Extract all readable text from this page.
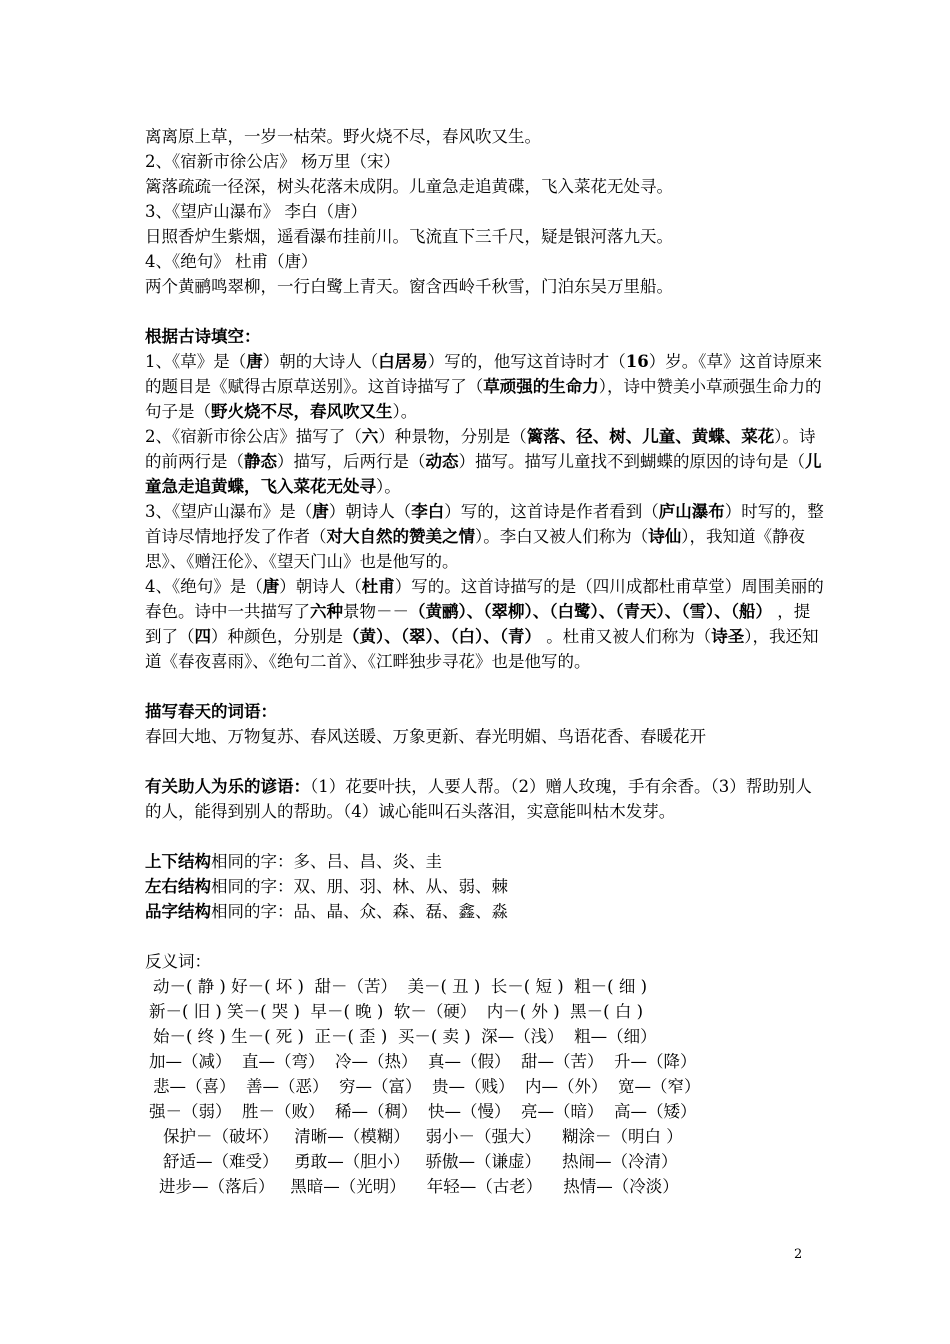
离离原上草，一岁一枯荣。野火烧不尽，春风吹又生。
2、《宿新市徐公店》 杨万里（宋）
篱落疏疏一径深，树头花落未成阴。儿童急走追黄碟，飞入菜花无处寻。
3、《望庐山瀑布》 李白（唐）
日照香炉生紫烟，遥看瀑布挂前川。飞流直下三千尺，疑是银河落九天。
4、《绝句》 杜甫（唐）
两个黄鹂鸣翠柳，一行白鹭上青天。窗含西岭千秋雪，门泊东吴万里船。
根据古诗填空：
1、《草》是（唐）朝的大诗人（白居易）写的，他写这首诗时才（16）岁。《草》这首诗原来的题目是《赋得古原草送别》。这首诗描写了（草顽强的生命力），诗中赞美小草顽强生命力的句子是（野火烧不尽，春风吹又生）。
2、《宿新市徐公店》描写了（六）种景物，分别是（篱落、径、树、儿童、黄蝶、菜花）。诗的前两行是（静态）描写，后两行是（动态）描写。描写儿童找不到蝴蝶的原因的诗句是（儿童急走追黄蝶，飞入菜花无处寻）。
3、《望庐山瀑布》是（唐）朝诗人（李白）写的，这首诗是作者看到（庐山瀑布）时写的，整首诗尽情地抒发了作者（对大自然的赞美之情）。李白又被人们称为（诗仙），我知道《静夜思》、《赠汪伦》、《望天门山》也是他写的。
4、《绝句》是（唐）朝诗人（杜甫）写的。这首诗描写的是（四川成都杜甫草堂）周围美丽的春色。诗中一共描写了六种景物－－（黄鹂）、（翠柳）、（白鹭）、（青天）、（雪）、（船） ，提到了（四）种颜色，分别是（黄）、（翠）、（白）、（青） 。杜甫又被人们称为（诗圣），我还知道《春夜喜雨》、《绝句二首》、《江畔独步寻花》也是他写的。
描写春天的词语：
春回大地、万物复苏、春风送暖、万象更新、春光明媚、鸟语花香、春暖花开
有关助人为乐的谚语：（1）花要叶扶，人要人帮。（2）赠人玫瑰，手有余香。（3）帮助别人的人，能得到别人的帮助。（4）诚心能叫石头落泪，实意能叫枯木发芽。
上下结构相同的字：多、吕、昌、炎、圭
左右结构相同的字：双、朋、羽、林、从、弱、棘
品字结构相同的字：品、晶、众、森、磊、鑫、淼
反义词：
动－( 静 ) 好－( 坏 )  甜－（苦）  美－( 丑 )  长－( 短 )  粗－( 细 )
新－( 旧 ) 笑－( 哭 )  早－( 晚 )  软－（硬）  内－( 外 )  黑－( 白 )
始－( 终 ) 生－( 死 )  正－( 歪 )  买－( 卖 )  深—（浅）  粗—（细）
加—（减）  直—（弯）  冷—（热）  真—（假）  甜—（苦）  升—（降）
悲—（喜）  善—（恶）  穷—（富）  贵—（贱）  内—（外）  宽—（窄）
强－（弱）  胜－（败）  稀—（稠）  快—（慢）  亮—（暗）  高—（矮）
保护－（破坏）   清晰—（模糊）   弱小－（强大）    糊涂－（明白 ）
舒适—（难受）   勇敢—（胆小）   骄傲—（谦虚）    热闹—（冷清）
进步—（落后）   黑暗—（光明）    年轻—（古老）    热情—（冷淡）
2
